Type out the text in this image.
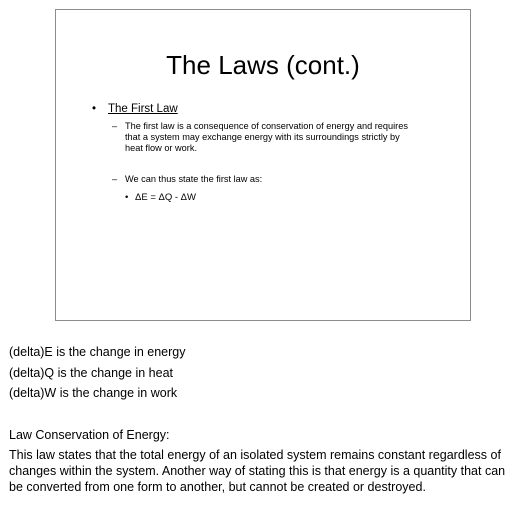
The Laws (cont.)
• The First Law
– The first law is a consequence of conservation of energy and requires that a system may exchange energy with its surroundings strictly by heat flow or work.
– We can thus state the first law as:
• ΔE = ΔQ - ΔW

(delta)E is the change in energy

(delta)Q is the change in heat

(delta)W is the change in work

Law Conservation of Energy:
This law states that the total energy of an isolated system remains constant regardless of changes within the system. Another way of stating this is that energy is a quantity that can be converted from one form to another, but cannot be created or destroyed.
